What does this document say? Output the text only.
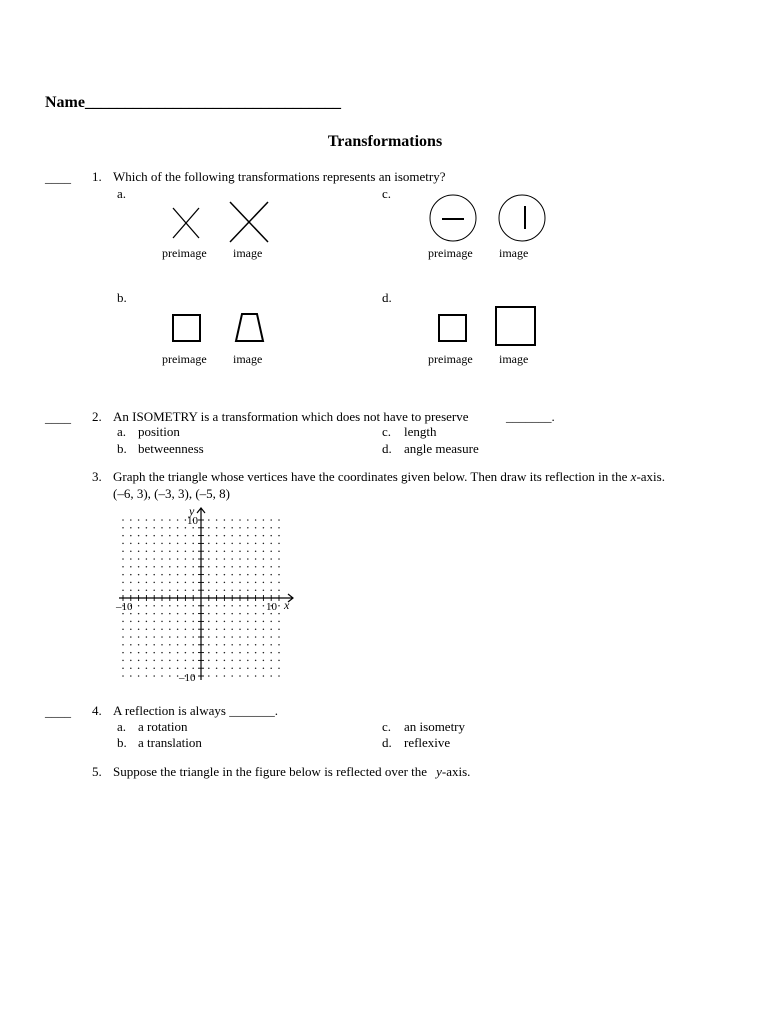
Name________________________________
Transformations
____ 1. Which of the following transformations represents an isometry?
a.
preimage image
c.
preimage image
b.
preimage image
d.
preimage image
____ 2. An ISOMETRY is a transformation which does not have to preserve	_______.
a. position
b. betweenness
c. length
d. angle measure
3. Graph the triangle whose vertices have the coordinates given below. Then draw its reflection in the x-axis.
(–6, 3), (–3, 3), (–5, 8)
–10	10
10
–10
x
y
____ 4. A reflection is always _______.
a. a rotation
b. a translation
c. an isometry
d. reflexive
5. Suppose the triangle in the figure below is reflected over the y-axis.
